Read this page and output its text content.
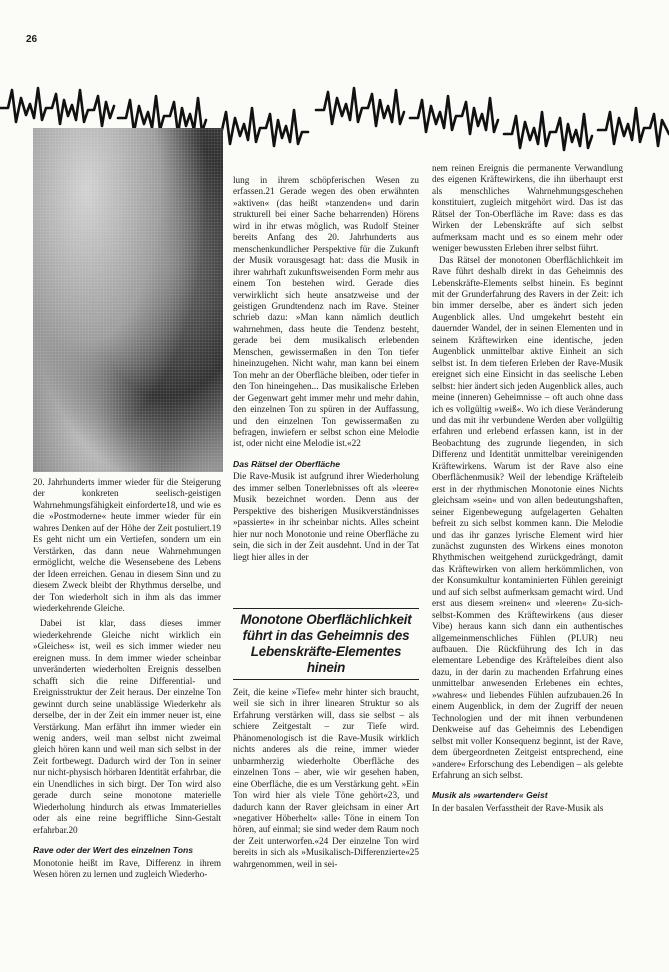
26

20. Jahrhunderts immer wieder für die Steigerung der konkreten seelisch-geistigen Wahrnehmungsfähigkeit einforderte18, und wie es die »Postmoderne« heute immer wieder für ein wahres Denken auf der Höhe der Zeit postuliert.19 Es geht nicht um ein Vertiefen, sondern um ein Verstärken, das dann neue Wahrnehmungen ermöglicht, welche die Wesensebene des Lebens der Ideen erreichen. Genau in diesem Sinn und zu diesem Zweck bleibt der Rhythmus derselbe, und der Ton wiederholt sich in ihm als das immer wiederkehrende Gleiche.

Dabei ist klar, dass dieses immer wiederkehrende Gleiche nicht wirklich ein »Gleiches« ist, weil es sich immer wieder neu ereignen muss. In dem immer wieder scheinbar unveränderten wiederholten Ereignis desselben schafft sich die reine Differential- und Ereignisstruktur der Zeit heraus. Der einzelne Ton gewinnt durch seine unablässige Wiederkehr als derselbe, der in der Zeit ein immer neuer ist, eine Verstärkung. Man erfährt ihn immer wieder ein wenig anders, weil man selbst nicht zweimal gleich hören kann und weil man sich selbst in der Zeit fortbewegt. Dadurch wird der Ton in seiner nur nicht-physisch hörbaren Identität erfahrbar, die ein Unendliches in sich birgt. Der Ton wird also gerade durch seine monotone materielle Wiederholung hindurch als etwas Immaterielles oder als eine reine begriffliche Sinn-Gestalt erfahrbar.20

Rave oder der Wert des einzelnen Tons

Monotonie heißt im Rave, Differenz in ihrem Wesen hören zu lernen und zugleich Wiederho-

lung in ihrem schöpferischen Wesen zu erfassen.21 Gerade wegen des oben erwähnten »aktiven« (das heißt »tanzenden« und darin strukturell bei einer Sache beharrenden) Hörens wird in ihr etwas möglich, was Rudolf Steiner bereits Anfang des 20. Jahrhunderts aus menschenkundlicher Perspektive für die Zukunft der Musik vorausgesagt hat: dass die Musik in ihrer wahrhaft zukunftsweisenden Form mehr aus einem Ton bestehen wird. Gerade dies verwirklicht sich heute ansatzweise und der geistigen Grundtendenz nach im Rave. Steiner schrieb dazu: »Man kann nämlich deutlich wahrnehmen, dass heute die Tendenz besteht, gerade bei dem musikalisch erlebenden Menschen, gewissermaßen in den Ton tiefer hineinzugehen. Nicht wahr, man kann bei einem Ton mehr an der Oberfläche bleiben, oder tiefer in den Ton hineingehen... Das musikalische Erleben der Gegenwart geht immer mehr und mehr dahin, den einzelnen Ton zu spüren in der Auffassung, und den einzelnen Ton gewissermaßen zu befragen, inwiefern er selbst schon eine Melodie ist, oder nicht eine Melodie ist.«22

Das Rätsel der Oberfläche

Die Rave-Musik ist aufgrund ihrer Wiederholung des immer selben Tonerlebnisses oft als »leere« Musik bezeichnet worden. Denn aus der Perspektive des bisherigen Musikverständnisses »passierte« in ihr scheinbar nichts. Alles scheint hier nur noch Monotonie und reine Oberfläche zu sein, die sich in der Zeit ausdehnt. Und in der Tat liegt hier alles in der

Monotone Oberflächlichkeit führt in das Geheimnis des Lebenskräfte-Elementes hinein

Zeit, die keine »Tiefe« mehr hinter sich braucht, weil sie sich in ihrer linearen Struktur so als Erfahrung verstärken will, dass sie selbst – als schiere Zeitgestalt – zur Tiefe wird. Phänomenologisch ist die Rave-Musik wirklich nichts anderes als die reine, immer wieder unbarmherzig wiederholte Oberfläche des einzelnen Tons – aber, wie wir gesehen haben, eine Oberfläche, die es um Verstärkung geht. »Ein Ton wird hier als viele Töne gehört«23, und dadurch kann der Raver gleichsam in einer Art »negativer Höberhelt« ›alle‹ Töne in einem Ton hören, auf einmal; sie sind weder dem Raum noch der Zeit unterworfen.«24 Der einzelne Ton wird bereits in sich als »Musikalisch-Differenzierte«25 wahrgenommen, weil in sei-

nem reinen Ereignis die permanente Verwandlung des eigenen Kräftewirkens, die ihn überhaupt erst als menschliches Wahrnehmungsgeschehen konstituiert, zugleich mitgehört wird. Das ist das Rätsel der Ton-Oberfläche im Rave: dass es das Wirken der Lebenskräfte auf sich selbst aufmerksam macht und es so einem mehr oder weniger bewussten Erleben ihrer selbst führt.

Das Rätsel der monotonen Oberflächlichkeit im Rave führt deshalb direkt in das Geheimnis des Lebenskräfte-Elements selbst hinein. Es beginnt mit der Grunderfahrung des Ravers in der Zeit: ich bin immer derselbe, aber es ändert sich jeden Augenblick alles. Und umgekehrt besteht ein dauernder Wandel, der in seinen Elementen und in seinem Kräftewirken eine identische, jeden Augenblick unmittelbar aktive Einheit an sich selbst ist. In dem tieferen Erleben der Rave-Musik ereignet sich eine Einsicht in das seelische Leben selbst: hier ändert sich jeden Augenblick alles, auch meine (inneren) Geheimnisse – oft auch ohne dass ich es vollgültig »weiß«. Wo ich diese Veränderung und das mit ihr verbundene Werden aber vollgültig erfahren und erlebend erfassen kann, ist in der Beobachtung des zugrunde liegenden, in sich Differenz und Identität unmittelbar vereinigenden Kräftewirkens. Warum ist der Rave also eine Oberflächenmusik? Weil der lebendige Kräfteleib erst in der rhythmischen Monotonie eines Nichts gleichsam »sein« und von allen bedeutungshaften, seiner Eigenbewegung aufgelagerten Gehalten befreit zu sich selbst kommen kann. Die Melodie und das ihr ganzes lyrische Element wird hier zunächst zugunsten des Wirkens eines monoton Rhythmischen weitgehend zurückgedrängt, damit das Kräftewirken von allem herkömmlichen, von der Konsumkultur kontaminierten Fühlen gereinigt und auf sich selbst aufmerksam gemacht wird. Und erst aus diesem »reinen« und »leeren« Zu-sich-selbst-Kommen des Kräftewirkens (aus dieser Vibe) heraus kann sich dann ein authentisches allgemeinmenschliches Fühlen (PLUR) neu aufbauen. Die Rückführung des Ich in das elementare Lebendige des Kräfteleibes dient also dazu, in der darin zu machenden Erfahrung eines unmittelbar anwesenden Erlebenes ein echtes, »wahres« und liebendes Fühlen aufzubauen.26 In einem Augenblick, in dem der Zugriff der neuen Technologien und der mit ihnen verbundenen Denkweise auf das Geheimnis des Lebendigen selbst mit voller Konsequenz beginnt, ist der Rave, dem übergeordneten Zeitgeist entsprechend, eine »andere« Erforschung des Lebendigen – als gelebte Erfahrung an sich selbst.

Musik als »wartender« Geist

In der basalen Verfasstheit der Rave-Musik als
